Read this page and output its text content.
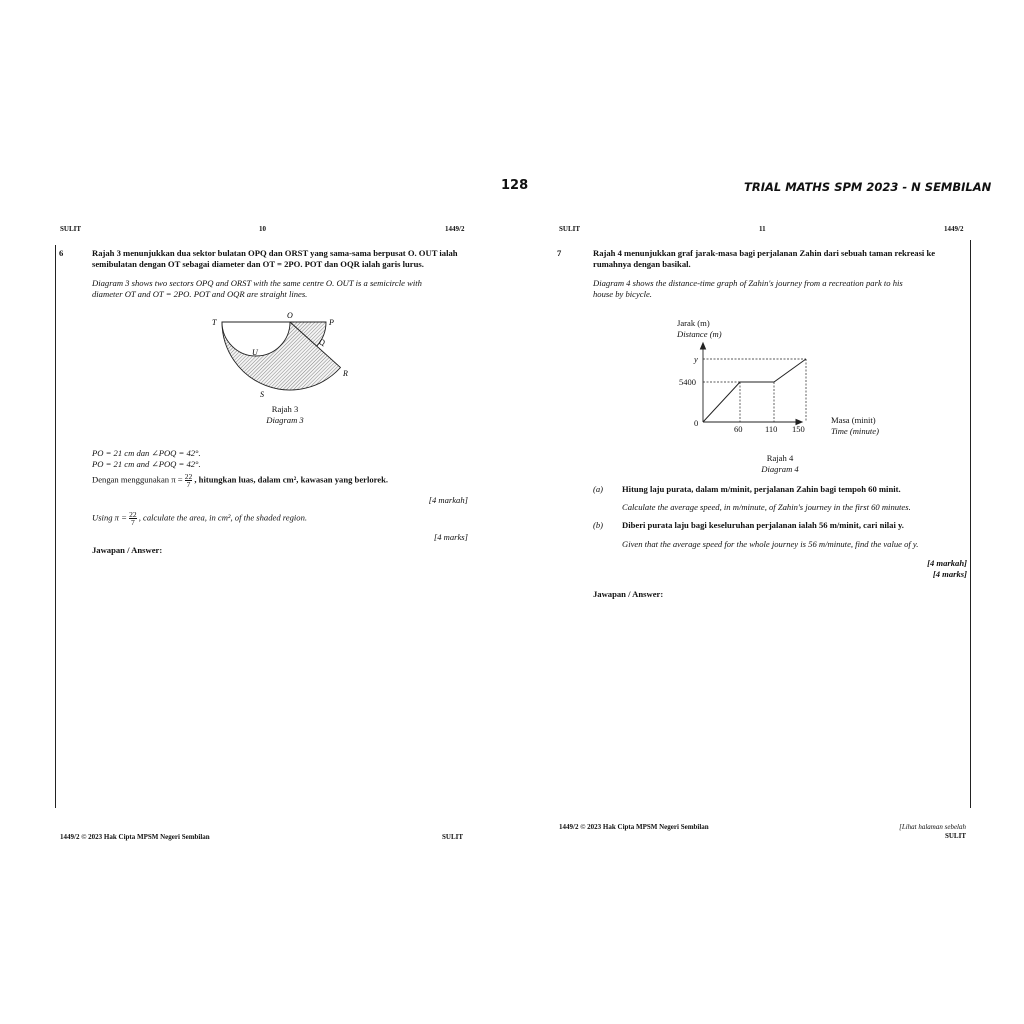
128	TRIAL MATHS SPM 2023 - N SEMBILAN
SULIT	10	1449/2
6	Rajah 3 menunjukkan dua sektor bulatan OPQ dan ORST yang sama-sama berpusat O. OUT ialah
semibulatan dengan OT sebagai diameter dan OT = 2PO. POT dan OQR ialah garis lurus.
Diagram 3 shows two sectors OPQ and ORST with the same centre O. OUT is a semicircle with
diameter OT and OT = 2PO. POT and OQR are straight lines.
T
O
P
Q
R
S
U
Rajah 3
Diagram 3
PO = 21 cm dan ∠POQ = 42°.
PO = 21 cm and ∠POQ = 42°.
Dengan menggunakan $\pi = \frac{22}{7}$ , hitungkan luas, dalam cm², kawasan yang berlorek.
[4 markah]
Using $\pi = \frac{22}{7}$ , calculate the area, in cm², of the shaded region.
[4 marks]
Jawapan / Answer:
1449/2 © 2023 Hak Cipta MPSM Negeri Sembilan	SULIT
SULIT	11	1449/2
7	Rajah 4 menunjukkan graf jarak-masa bagi perjalanan Zahin dari sebuah taman rekreasi ke
rumahnya dengan basikal.
Diagram 4 shows the distance-time graph of Zahin's journey from a recreation park to his
house by bicycle.
Jarak (m)
Distance (m)
0
y
5400
60	110 150
Masa (minit)
Time (minute)
Rajah 4
Diagram 4
(a) Hitung laju purata, dalam m/minit, perjalanan Zahin bagi tempoh 60 minit.
Calculate the average speed, in m/minute, of Zahin's journey in the first 60 minutes.
(b) Diberi purata laju bagi keseluruhan perjalanan ialah 56 m/minit, cari nilai y.
Given that the average speed for the whole journey is 56 m/minute, find the value of y.
[4 markah]
[4 marks]
Jawapan / Answer:
1449/2 © 2023 Hak Cipta MPSM Negeri Sembilan	[Lihat halaman sebelah
SULIT
